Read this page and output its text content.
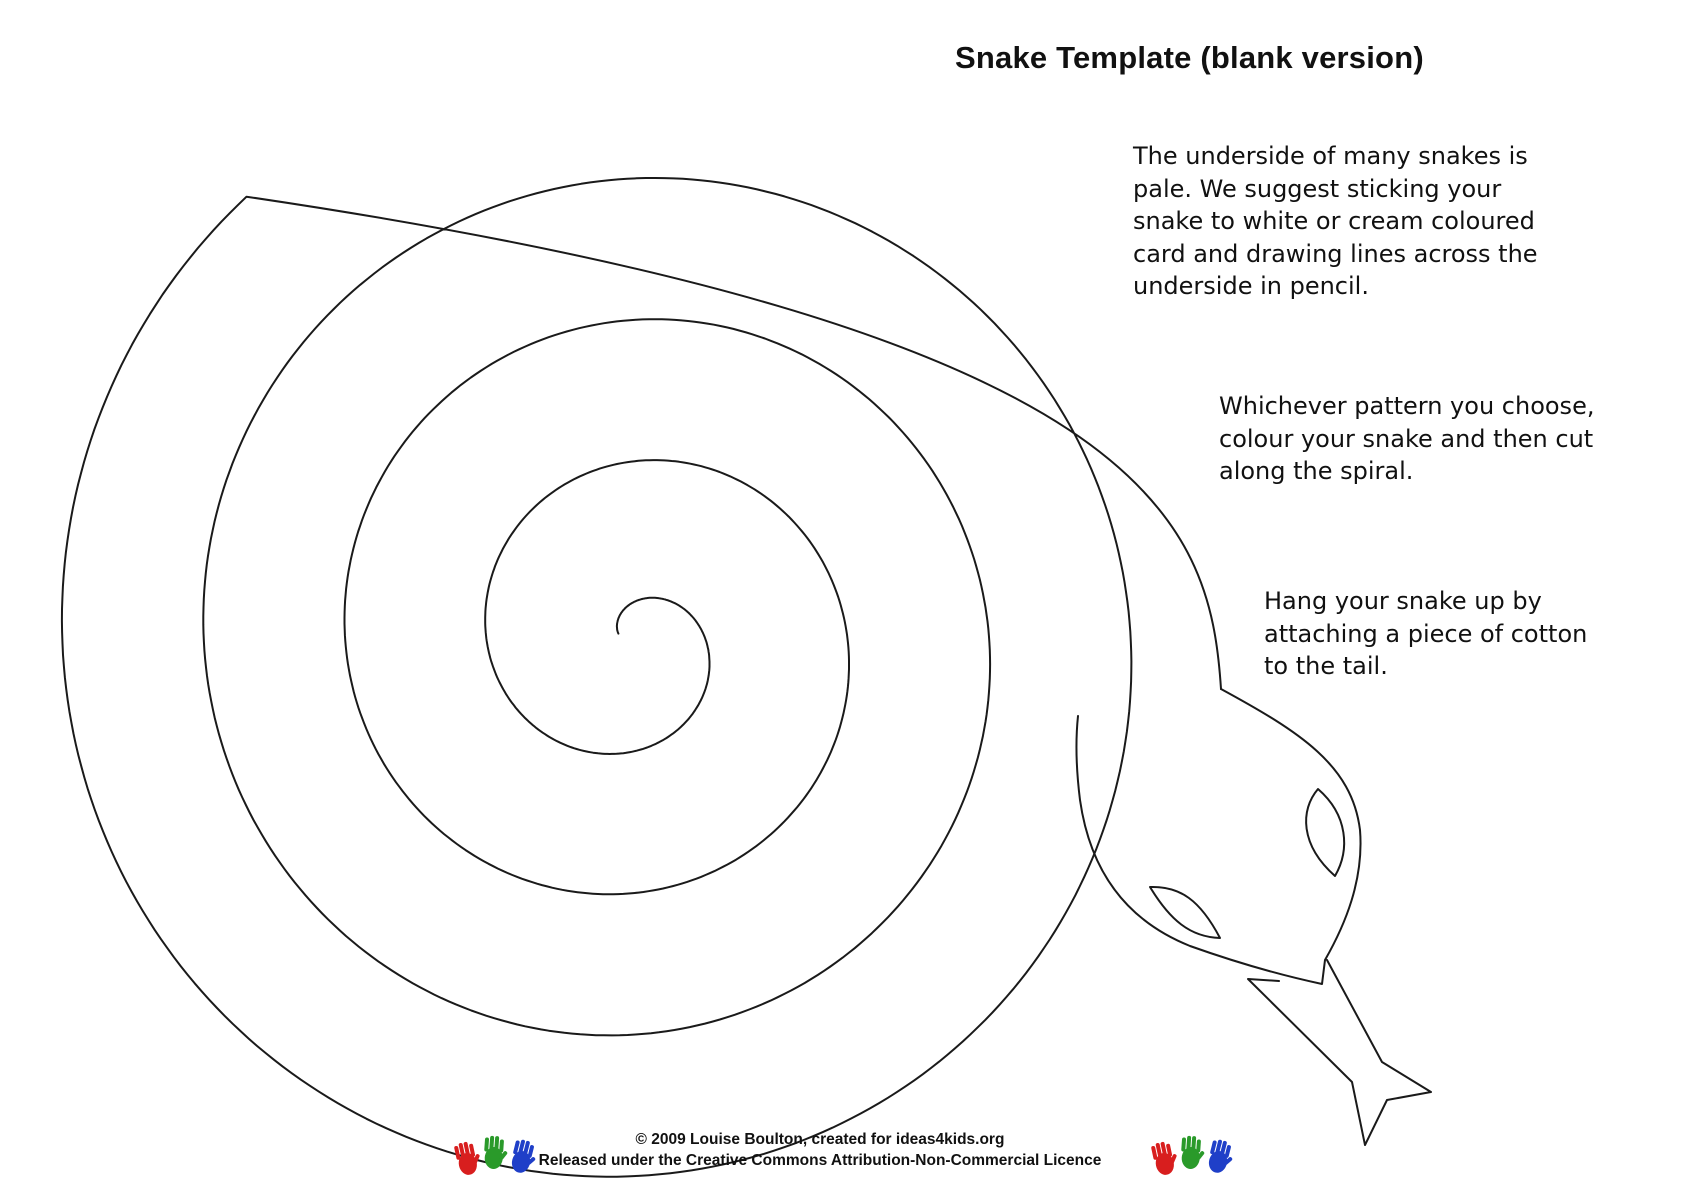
Snake Template (blank version)

The underside of many snakes is
pale. We suggest sticking your
snake to white or cream coloured
card and drawing lines across the
underside in pencil.

Whichever pattern you choose,
colour your snake and then cut
along the spiral.

Hang your snake up by
attaching a piece of cotton
to the tail.

© 2009 Louise Boulton, created for ideas4kids.org
Released under the Creative Commons Attribution-Non-Commercial Licence
